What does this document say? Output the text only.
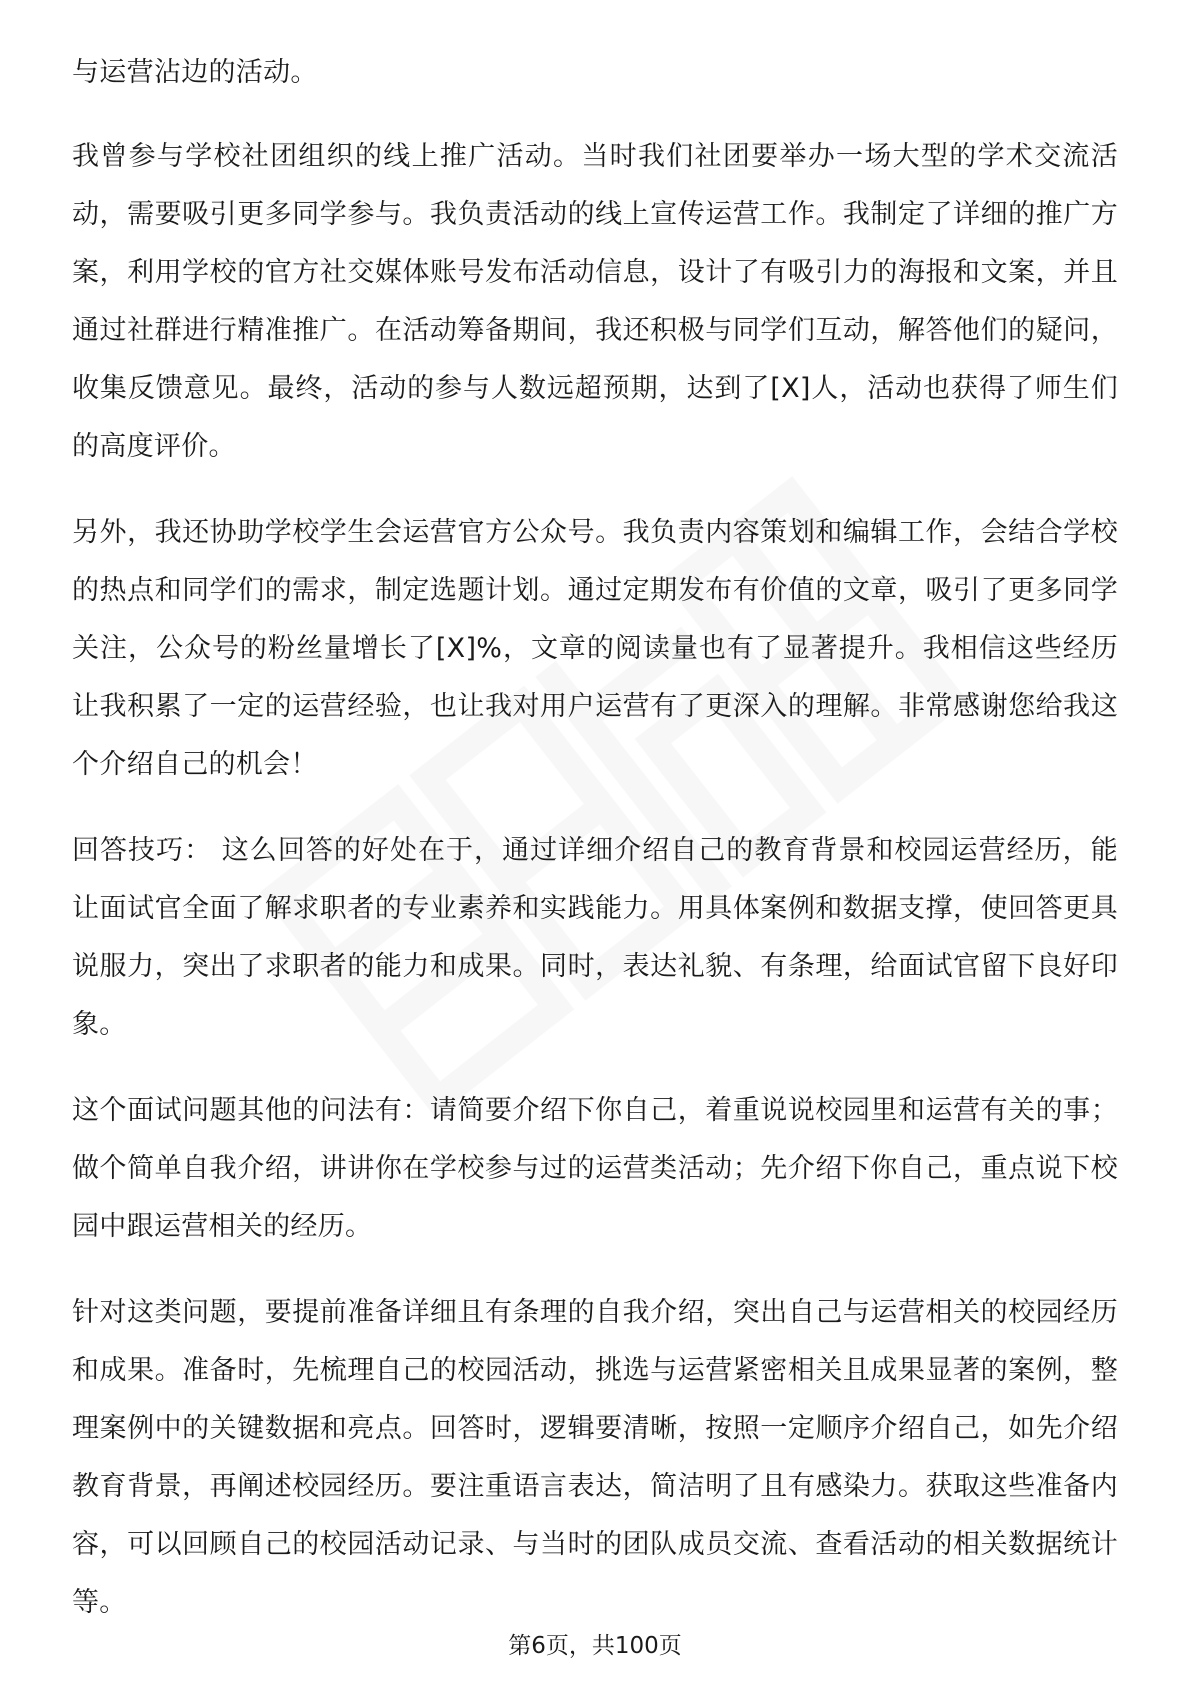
与运营沾边的活动。

我曾参与学校社团组织的线上推广活动。当时我们社团要举办一场大型的学术交流活动，需要吸引更多同学参与。我负责活动的线上宣传运营工作。我制定了详细的推广方案，利用学校的官方社交媒体账号发布活动信息，设计了有吸引力的海报和文案，并且通过社群进行精准推广。在活动筹备期间，我还积极与同学们互动，解答他们的疑问，收集反馈意见。最终，活动的参与人数远超预期，达到了[X]人，活动也获得了师生们的高度评价。

另外，我还协助学校学生会运营官方公众号。我负责内容策划和编辑工作，会结合学校的热点和同学们的需求，制定选题计划。通过定期发布有价值的文章，吸引了更多同学关注，公众号的粉丝量增长了[X]%，文章的阅读量也有了显著提升。我相信这些经历让我积累了一定的运营经验，也让我对用户运营有了更深入的理解。非常感谢您给我这个介绍自己的机会！

回答技巧： 这么回答的好处在于，通过详细介绍自己的教育背景和校园运营经历，能让面试官全面了解求职者的专业素养和实践能力。用具体案例和数据支撑，使回答更具说服力，突出了求职者的能力和成果。同时，表达礼貌、有条理，给面试官留下良好印象。

这个面试问题其他的问法有：请简要介绍下你自己，着重说说校园里和运营有关的事；做个简单自我介绍，讲讲你在学校参与过的运营类活动；先介绍下你自己，重点说下校园中跟运营相关的经历。

针对这类问题，要提前准备详细且有条理的自我介绍，突出自己与运营相关的校园经历和成果。准备时，先梳理自己的校园活动，挑选与运营紧密相关且成果显著的案例，整理案例中的关键数据和亮点。回答时，逻辑要清晰，按照一定顺序介绍自己，如先介绍教育背景，再阐述校园经历。要注重语言表达，简洁明了且有感染力。获取这些准备内容，可以回顾自己的校园活动记录、与当时的团队成员交流、查看活动的相关数据统计等。

第6页，共100页
